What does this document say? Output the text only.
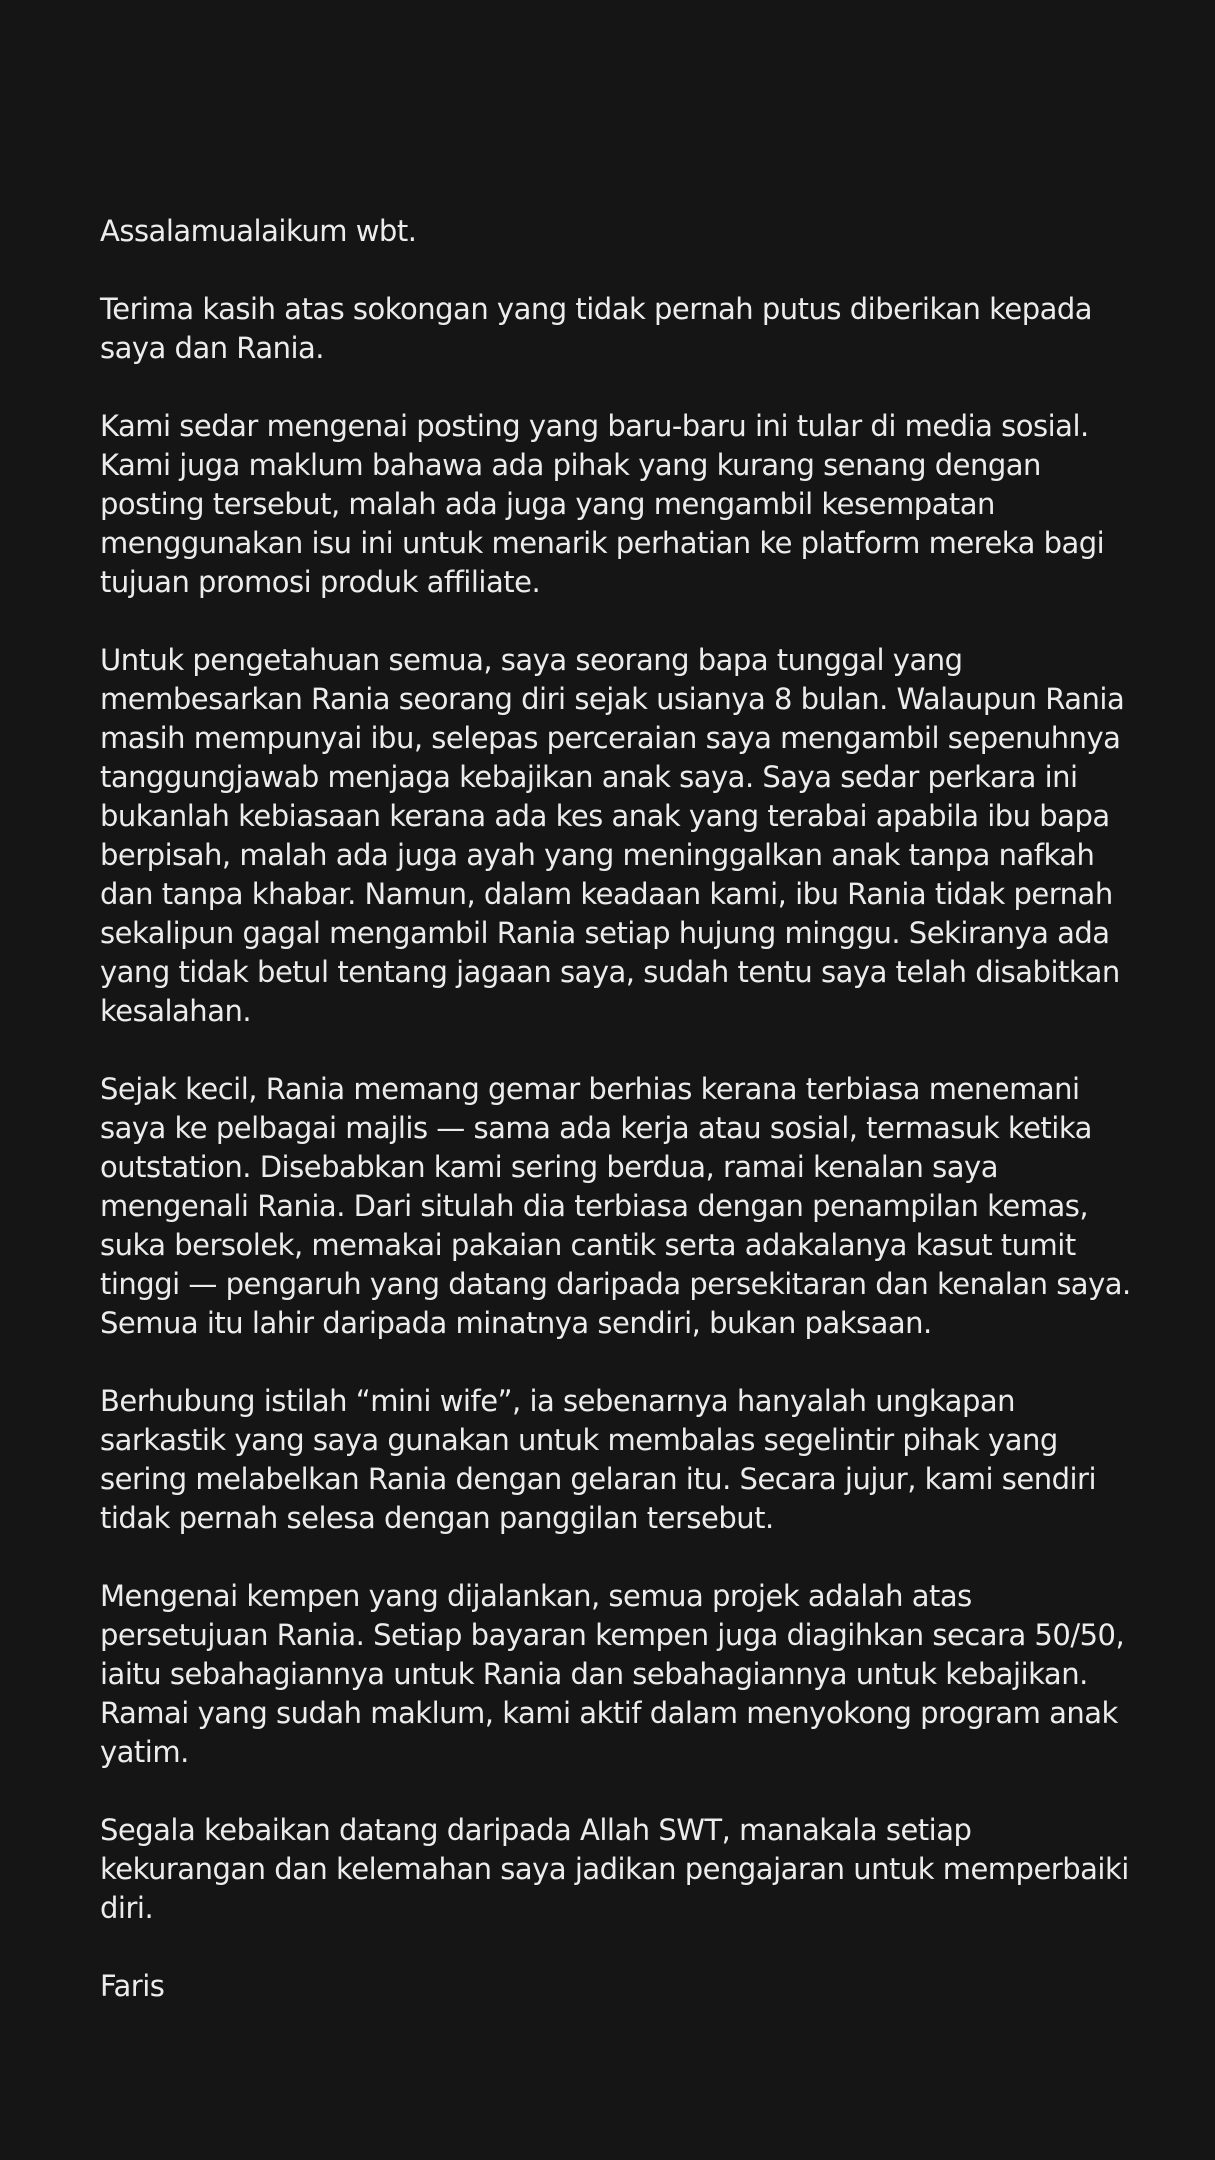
Assalamualaikum wbt.

Terima kasih atas sokongan yang tidak pernah putus diberikan kepada saya dan Rania.

Kami sedar mengenai posting yang baru-baru ini tular di media sosial. Kami juga maklum bahawa ada pihak yang kurang senang dengan posting tersebut, malah ada juga yang mengambil kesempatan menggunakan isu ini untuk menarik perhatian ke platform mereka bagi tujuan promosi produk affiliate.

Untuk pengetahuan semua, saya seorang bapa tunggal yang membesarkan Rania seorang diri sejak usianya 8 bulan. Walaupun Rania masih mempunyai ibu, selepas perceraian saya mengambil sepenuhnya tanggungjawab menjaga kebajikan anak saya. Saya sedar perkara ini bukanlah kebiasaan kerana ada kes anak yang terabai apabila ibu bapa berpisah, malah ada juga ayah yang meninggalkan anak tanpa nafkah dan tanpa khabar. Namun, dalam keadaan kami, ibu Rania tidak pernah sekalipun gagal mengambil Rania setiap hujung minggu. Sekiranya ada yang tidak betul tentang jagaan saya, sudah tentu saya telah disabitkan kesalahan.

Sejak kecil, Rania memang gemar berhias kerana terbiasa menemani saya ke pelbagai majlis — sama ada kerja atau sosial, termasuk ketika outstation. Disebabkan kami sering berdua, ramai kenalan saya mengenali Rania. Dari situlah dia terbiasa dengan penampilan kemas, suka bersolek, memakai pakaian cantik serta adakalanya kasut tumit tinggi — pengaruh yang datang daripada persekitaran dan kenalan saya. Semua itu lahir daripada minatnya sendiri, bukan paksaan.

Berhubung istilah “mini wife”, ia sebenarnya hanyalah ungkapan sarkastik yang saya gunakan untuk membalas segelintir pihak yang sering melabelkan Rania dengan gelaran itu. Secara jujur, kami sendiri tidak pernah selesa dengan panggilan tersebut.

Mengenai kempen yang dijalankan, semua projek adalah atas persetujuan Rania. Setiap bayaran kempen juga diagihkan secara 50/50, iaitu sebahagiannya untuk Rania dan sebahagiannya untuk kebajikan. Ramai yang sudah maklum, kami aktif dalam menyokong program anak yatim.

Segala kebaikan datang daripada Allah SWT, manakala setiap kekurangan dan kelemahan saya jadikan pengajaran untuk memperbaiki diri.

Faris
